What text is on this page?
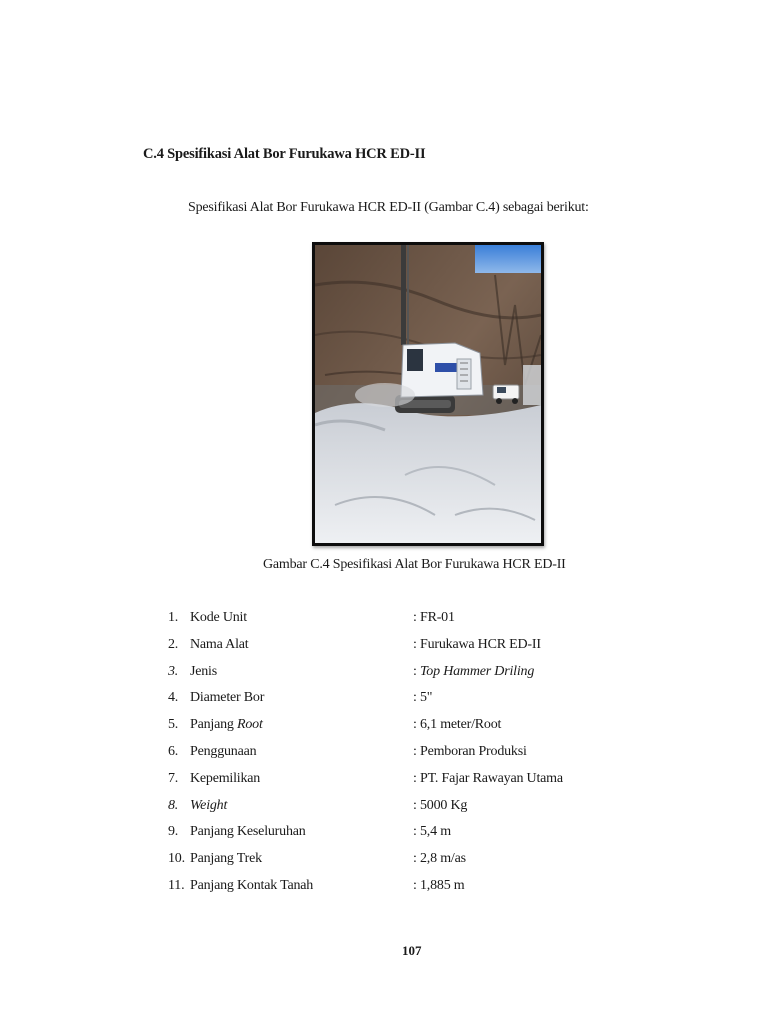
C.4 Spesifikasi Alat Bor Furukawa HCR ED-II
Spesifikasi Alat Bor Furukawa HCR ED-II (Gambar C.4) sebagai berikut:
Gambar C.4 Spesifikasi Alat Bor Furukawa HCR ED-II
1. Kode Unit	: FR-01
2. Nama Alat	: Furukawa HCR ED-II
3. Jenis	: Top Hammer Driling
4. Diameter Bor	: 5"
5. Panjang Root	: 6,1 meter/Root
6. Penggunaan	: Pemboran Produksi
7. Kepemilikan	: PT. Fajar Rawayan Utama
8. Weight	: 5000 Kg
9. Panjang Keseluruhan	: 5,4 m
10. Panjang Trek	: 2,8 m/as
11. Panjang Kontak Tanah	: 1,885 m
107
